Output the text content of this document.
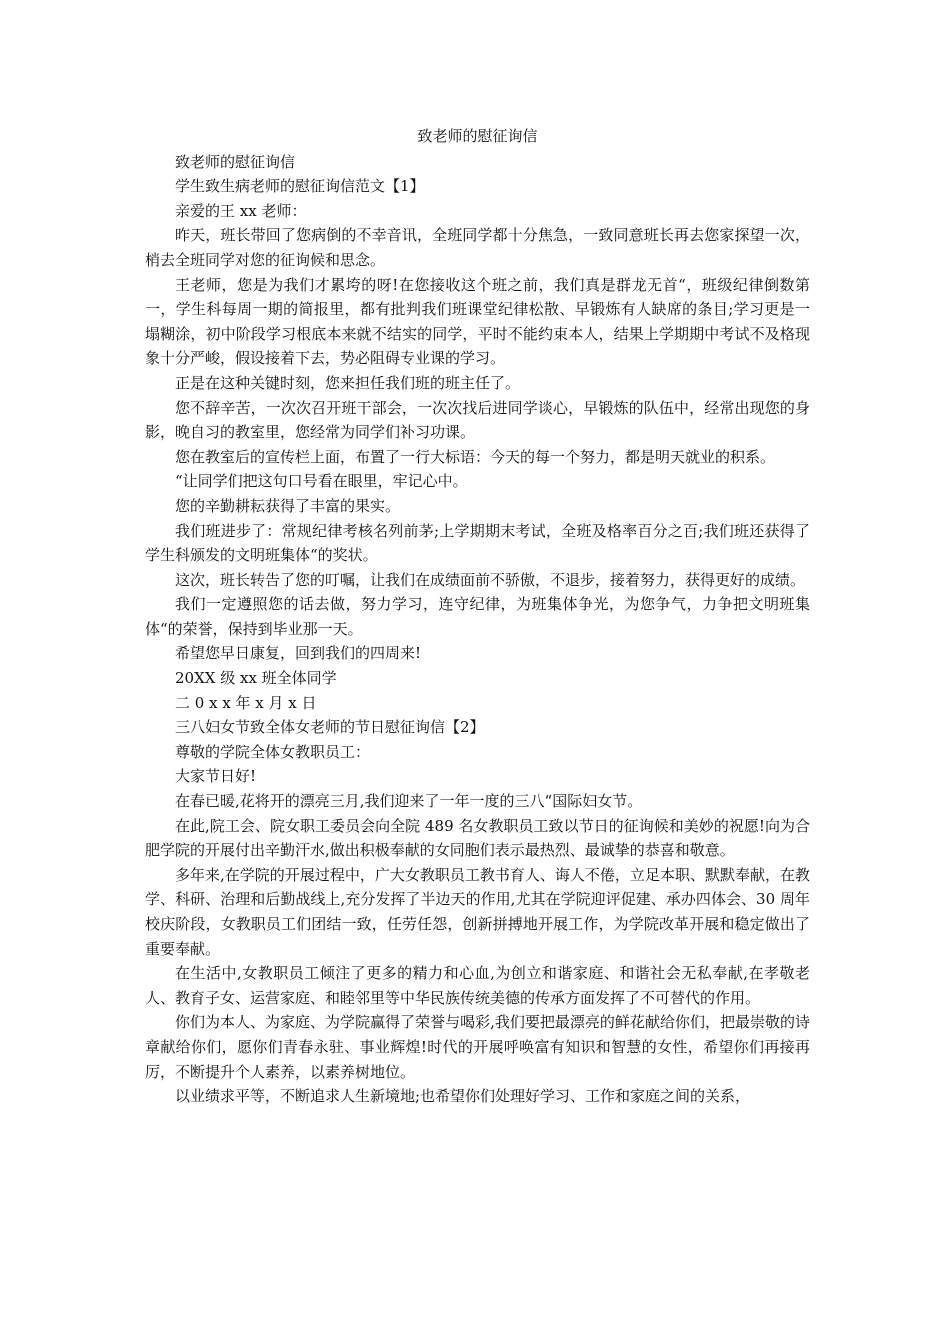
致老师的慰征询信

致老师的慰征询信

学生致生病老师的慰征询信范文【1】

亲爱的王 xx 老师：

昨天，班长带回了您病倒的不幸音讯，全班同学都十分焦急，一致同意班长再去您家探望一次，梢去全班同学对您的征询候和思念。

王老师，您是为我们才累垮的呀!在您接收这个班之前，我们真是群龙无首“，班级纪律倒数第一，学生科每周一期的简报里，都有批判我们班课堂纪律松散、早锻炼有人缺席的条目;学习更是一塌糊涂，初中阶段学习根底本来就不结实的同学，平时不能约束本人，结果上学期期中考试不及格现象十分严峻，假设接着下去，势必阻碍专业课的学习。

正是在这种关键时刻，您来担任我们班的班主任了。

您不辞辛苦，一次次召开班干部会，一次次找后进同学谈心，早锻炼的队伍中，经常出现您的身影，晚自习的教室里，您经常为同学们补习功课。

您在教室后的宣传栏上面，布置了一行大标语：今天的每一个努力，都是明天就业的积系。

“让同学们把这句口号看在眼里，牢记心中。

您的辛勤耕耘获得了丰富的果实。

我们班进步了：常规纪律考核名列前茅;上学期期末考试，全班及格率百分之百;我们班还获得了学生科颁发的文明班集体“的奖状。

这次，班长转告了您的叮嘱，让我们在成绩面前不骄傲，不退步，接着努力，获得更好的成绩。

我们一定遵照您的话去做，努力学习，连守纪律，为班集体争光，为您争气，力争把文明班集体“的荣誉，保持到毕业那一天。

希望您早日康复，回到我们的四周来!

20XX 级 xx 班全体同学

二 0 x x 年 x 月 x 日

三八妇女节致全体女老师的节日慰征询信【2】

尊敬的学院全体女教职员工：

大家节日好!

在春已暖,花将开的漂亮三月,我们迎来了一年一度的三八“国际妇女节。

在此,院工会、院女职工委员会向全院 489 名女教职员工致以节日的征询候和美妙的祝愿!向为合肥学院的开展付出辛勤汗水,做出积极奉献的女同胞们表示最热烈、最诚挚的恭喜和敬意。

多年来,在学院的开展过程中，广大女教职员工教书育人、诲人不倦，立足本职、默默奉献，在教学、科研、治理和后勤战线上,充分发挥了半边天的作用,尤其在学院迎评促建、承办四体会、30 周年校庆阶段，女教职员工们团结一致，任劳任怨，创新拼搏地开展工作，为学院改革开展和稳定做出了重要奉献。

在生活中,女教职员工倾注了更多的精力和心血,为创立和谐家庭、和谐社会无私奉献,在孝敬老人、教育子女、运营家庭、和睦邻里等中华民族传统美德的传承方面发挥了不可替代的作用。

你们为本人、为家庭、为学院赢得了荣誉与喝彩,我们要把最漂亮的鲜花献给你们，把最崇敬的诗章献给你们，愿你们青春永驻、事业辉煌!时代的开展呼唤富有知识和智慧的女性，希望你们再接再厉，不断提升个人素养，以素养树地位。

以业绩求平等，不断追求人生新境地;也希望你们处理好学习、工作和家庭之间的关系，
